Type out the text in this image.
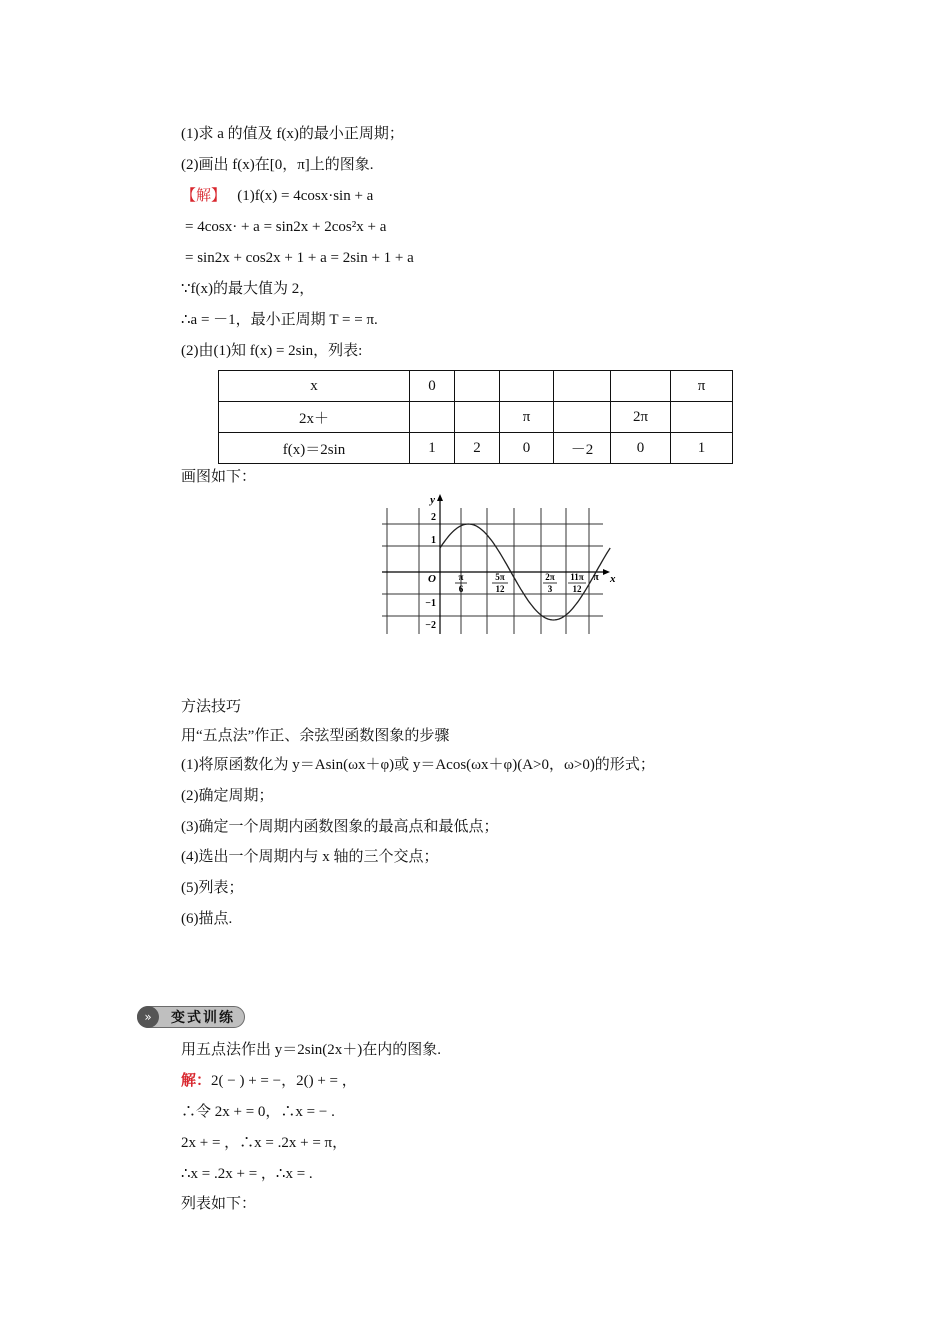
(1)求 a 的值及 f(x)的最小正周期；
(2)画出 f(x)在[0，π]上的图象.
【解】 (1)f(x) = 4cosx·sin + a
= 4cosx· + a = sin2x + 2cos²x + a
= sin2x + cos2x + 1 + a = 2sin + 1 + a
∵f(x)的最大值为 2，
∴a = －1，最小正周期 T = = π.
(2)由(1)知 f(x) = 2sin，列表:
x	0					π
2x＋			π		2π	
f(x)＝2sin	1	2	0	－2	0	1
画图如下：
y
x
2
1
−1
−2
O	π
6
5π
12
2π
3
11π
12
π
方法技巧
用“五点法”作正、余弦型函数图象的步骤
(1)将原函数化为 y＝Asin(ωx＋φ)或 y＝Acos(ωx＋φ)(A>0，ω>0)的形式；
(2)确定周期；
(3)确定一个周期内函数图象的最高点和最低点；
(4)选出一个周期内与 x 轴的三个交点；
(5)列表；
(6)描点.
»	变式训练
用五点法作出 y＝2sin(2x＋)在内的图象.
解：2( − ) + = −，2() + = ，
∴令 2x + = 0，∴x = − .
2x + = ，∴x = .2x + = π，
∴x = .2x + = ，∴x = .
列表如下：
